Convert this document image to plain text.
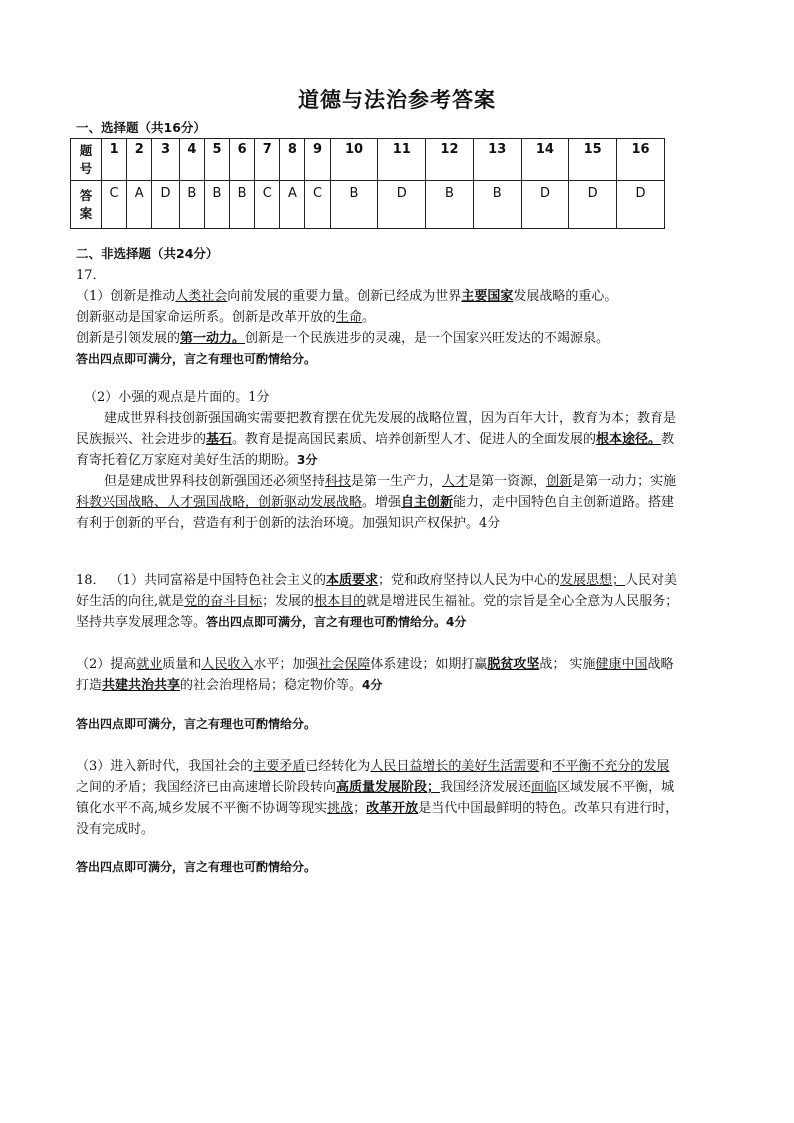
道德与法治参考答案
一、选择题（共16分）
题
号	1	2	3	4	5	6	7	8	9	10	11	12	13	14	15	16
答
案	C	A	D	B	B	B	C	A	C	B	D	B	B	D	D	D
二、非选择题（共24分）

17．

（1）创新是推动人类社会向前发展的重要力量。创新已经成为世界主要国家发展战略的重心。

创新驱动是国家命运所系。创新是改革开放的生命。

创新是引领发展的第一动力。创新是一个民族进步的灵魂，是一个国家兴旺发达的不竭源泉。

答出四点即可满分，言之有理也可酌情给分。

（2）小强的观点是片面的。1分

建成世界科技创新强国确实需要把教育摆在优先发展的战略位置，因为百年大计，教育为本；教育是

民族振兴、社会进步的基石。教育是提高国民素质、培养创新型人才、促进人的全面发展的根本途径。教

育寄托着亿万家庭对美好生活的期盼。3分

但是建成世界科技创新强国还必须坚持科技是第一生产力，人才是第一资源，创新是第一动力；实施

科教兴国战略、人才强国战略，创新驱动发展战略。增强自主创新能力，走中国特色自主创新道路。搭建

有利于创新的平台，营造有利于创新的法治环境。加强知识产权保护。4分

18． （1）共同富裕是中国特色社会主义的本质要求；党和政府坚持以人民为中心的发展思想；人民对美

好生活的向往,就是党的奋斗目标；发展的根本目的就是增进民生福祉。党的宗旨是全心全意为人民服务；

坚持共享发展理念等。答出四点即可满分，言之有理也可酌情给分。4分

（2）提高就业质量和人民收入水平；加强社会保障体系建设；如期打赢脱贫攻坚战； 实施健康中国战略

打造共建共治共享的社会治理格局；稳定物价等。4分

答出四点即可满分，言之有理也可酌情给分。

（3）进入新时代，我国社会的主要矛盾已经转化为人民日益增长的美好生活需要和不平衡不充分的发展

之间的矛盾；我国经济已由高速增长阶段转向高质量发展阶段；我国经济发展还面临区域发展不平衡，城

镇化水平不高,城乡发展不平衡不协调等现实挑战；改革开放是当代中国最鲜明的特色。改革只有进行时，

没有完成时。

答出四点即可满分，言之有理也可酌情给分。
